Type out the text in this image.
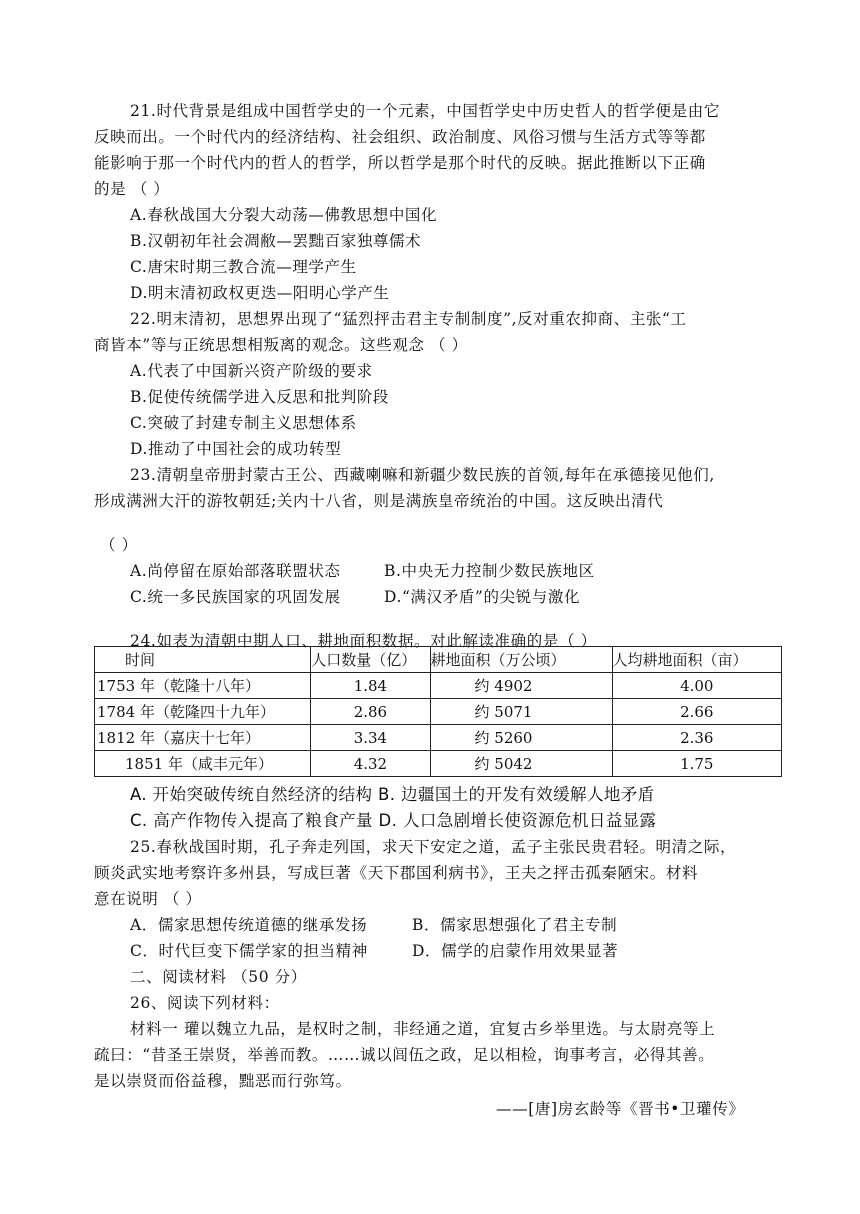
21.时代背景是组成中国哲学史的一个元素，中国哲学史中历史哲人的哲学便是由它
反映而出。一个时代内的经济结构、社会组织、政治制度、风俗习惯与生活方式等等都
能影响于那一个时代内的哲人的哲学，所以哲学是那个时代的反映。据此推断以下正确
的是 （ ）
A.春秋战国大分裂大动荡—佛教思想中国化
B.汉朝初年社会凋敝—罢黜百家独尊儒术
C.唐宋时期三教合流—理学产生
D.明末清初政权更迭—阳明心学产生
22.明末清初，思想界出现了“猛烈抨击君主专制制度”,反对重农抑商、主张“工
商皆本”等与正统思想相叛离的观念。这些观念 （ ）
A.代表了中国新兴资产阶级的要求
B.促使传统儒学进入反思和批判阶段
C.突破了封建专制主义思想体系
D.推动了中国社会的成功转型
23.清朝皇帝册封蒙古王公、西藏喇嘛和新疆少数民族的首领,每年在承德接见他们,
形成满洲大汗的游牧朝廷;关内十八省，则是满族皇帝统治的中国。这反映出清代
（ ）
A.尚停留在原始部落联盟状态	B.中央无力控制少数民族地区
C.统一多民族国家的巩固发展	D.“满汉矛盾”的尖锐与激化
24.如表为清朝中期人口、耕地面积数据。对此解读准确的是（ ）
时间	人口数量（亿）	耕地面积（万公顷）	人均耕地面积（亩）
1753 年（乾隆十八年）	1.84	约 4902	4.00
1784 年（乾隆四十九年）	2.86	约 5071	2.66
1812 年（嘉庆十七年）	3.34	约 5260	2.36
1851 年（咸丰元年）	4.32	约 5042	1.75
A. 开始突破传统自然经济的结构 B. 边疆国土的开发有效缓解人地矛盾
C. 高产作物传入提高了粮食产量 D. 人口急剧增长使资源危机日益显露
25.春秋战国时期，孔子奔走列国，求天下安定之道，孟子主张民贵君轻。明清之际，
顾炎武实地考察许多州县，写成巨著《天下郡国利病书》，王夫之抨击孤秦陋宋。材料
意在说明 （ ）
A．儒家思想传统道德的继承发扬	B．儒家思想强化了君主专制
C．时代巨变下儒学家的担当精神	D．儒学的启蒙作用效果显著
二、阅读材料 （50 分）
26、阅读下列材料：
材料一 瓘以魏立九品，是权时之制，非经通之道，宜复古乡举里选。与太尉亮等上
疏曰：“昔圣王崇贤，举善而教。……诚以闾伍之政，足以相检，询事考言，必得其善。
是以崇贤而俗益穆，黜恶而行弥笃。
——[唐]房玄龄等《晋书•卫瓘传》
